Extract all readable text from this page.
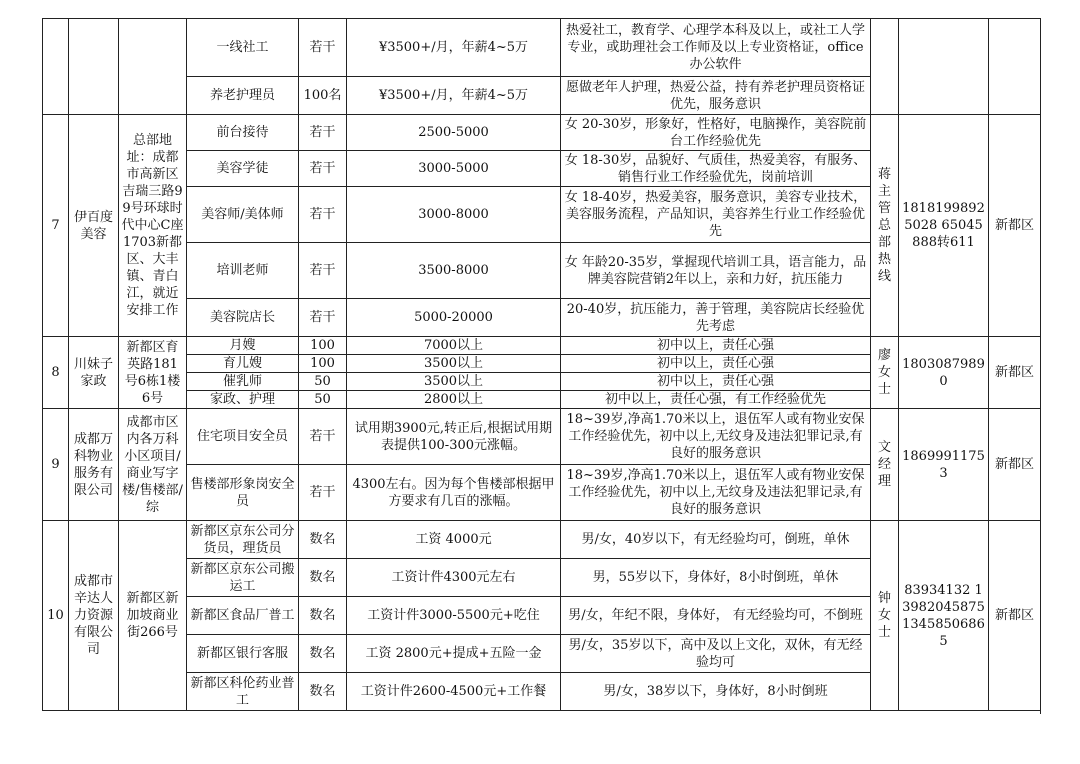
			一线社工	若干	¥3500+/月，年薪4~5万	热爱社工，教育学、心理学本科及以上，或社工人学专业，或助理社会工作师及以上专业资格证，office办公软件			
			养老护理员	100名	¥3500+/月，年薪4~5万	愿做老年人护理，热爱公益，持有养老护理员资格证优先，服务意识			
7	伊百度美容	总部地址：成都市高新区吉瑞三路99号环球时代中心C座1703新都区、大丰镇、青白江，就近安排工作	前台接待	若干	2500-5000	女 20-30岁，形象好，性格好，电脑操作，美容院前台工作经验优先	蒋主管总部热线	18181998925028 65045888转611	新都区
			美容学徒	若干	3000-5000	女 18-30岁，品貌好、气质佳，热爱美容，有服务、销售行业工作经验优先，岗前培训			
			美容师/美体师	若干	3000-8000	女 18-40岁，热爱美容，服务意识，美容专业技术，美容服务流程，产品知识，美容养生行业工作经验优先			
			培训老师	若干	3500-8000	女 年龄20-35岁，掌握现代培训工具，语言能力，品牌美容院营销2年以上，亲和力好，抗压能力			
			美容院店长	若干	5000-20000	20-40岁，抗压能力，善于管理，美容院店长经验优先考虑			
8	川妹子家政	新都区育英路181号6栋1楼6号	月嫂	100	7000以上	初中以上，责任心强	廖女士	18030879890	新都区
			育儿嫂	100	3500以上	初中以上，责任心强			
			催乳师	50	3500以上	初中以上，责任心强			
			家政、护理	50	2800以上	初中以上，责任心强，有工作经验优先			
9	成都万科物业服务有限公司	成都市区内各万科小区项目/商业写字楼/售楼部/综	住宅项目安全员	若干	试用期3900元,转正后,根据试用期表提供100-300元涨幅。	18~39岁,净高1.70米以上，退伍军人或有物业安保工作经验优先，初中以上,无纹身及违法犯罪记录,有良好的服务意识	文经理	18699911753	新都区
			售楼部形象岗安全员	若干	4300左右。因为每个售楼部根据甲方要求有几百的涨幅。	18~39岁,净高1.70米以上，退伍军人或有物业安保工作经验优先，初中以上,无纹身及违法犯罪记录,有良好的服务意识			
10	成都市辛达人力资源有限公司	新都区新加坡商业街266号	新都区京东公司分货员，理货员	数名	工资 4000元	男/女，40岁以下，有无经验均可，倒班，单休	钟女士	83934132 13982045875 13458506865	新都区
			新都区京东公司搬运工	数名	工资计件4300元左右	男，55岁以下，身体好，8小时倒班，单休			
			新都区食品厂普工	数名	工资计件3000-5500元+吃住	男/女，年纪不限，身体好， 有无经验均可，不倒班			
			新都区银行客服	数名	工资 2800元+提成+五险一金	男/女，35岁以下，高中及以上文化，双休，有无经验均可			
			新都区科伦药业普工	数名	工资计件2600-4500元+工作餐	男/女，38岁以下，身体好，8小时倒班			
